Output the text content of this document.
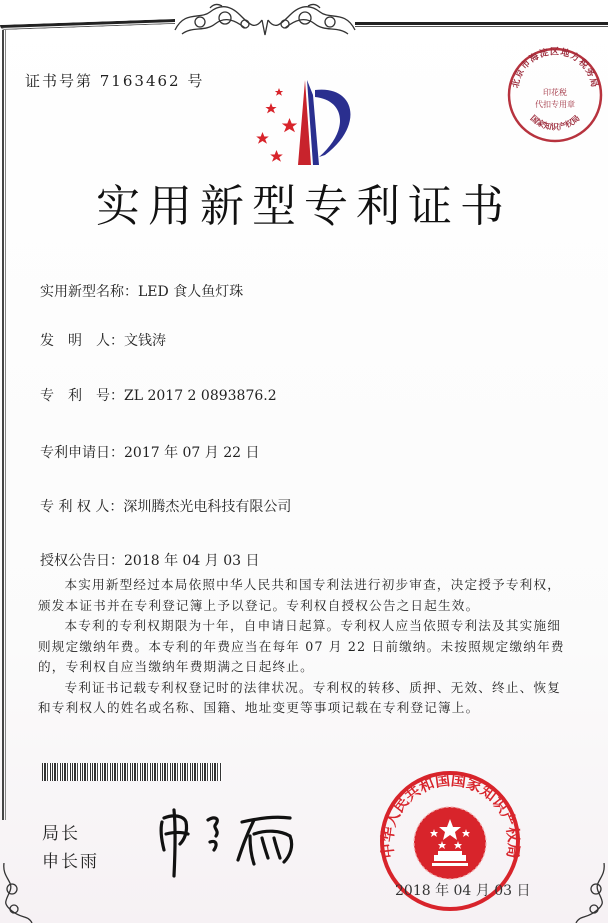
证书号第 7163462 号	北京市海淀区地方税务局
国家知识产权局
印花税
代扣专用章
实用新型专利证书
实用新型名称：LED 食人鱼灯珠
发　明　人：文钱涛
专　利　号：ZL 2017 2 0893876.2
专利申请日：2017 年 07 月 22 日
专 利 权 人：深圳腾杰光电科技有限公司
授权公告日：2018 年 04 月 03 日

本实用新型经过本局依照中华人民共和国专利法进行初步审查，决定授予专利权，颁发本证书并在专利登记簿上予以登记。专利权自授权公告之日起生效。

本专利的专利权期限为十年，自申请日起算。专利权人应当依照专利法及其实施细则规定缴纳年费。本专利的年费应当在每年 07 月 22 日前缴纳。未按照规定缴纳年费的，专利权自应当缴纳年费期满之日起终止。

专利证书记载专利权登记时的法律状况。专利权的转移、质押、无效、终止、恢复和专利权人的姓名或名称、国籍、地址变更等事项记载在专利登记簿上。

局长
申长雨
中华人民共和国国家知识产权局
2018 年 04 月 03 日
